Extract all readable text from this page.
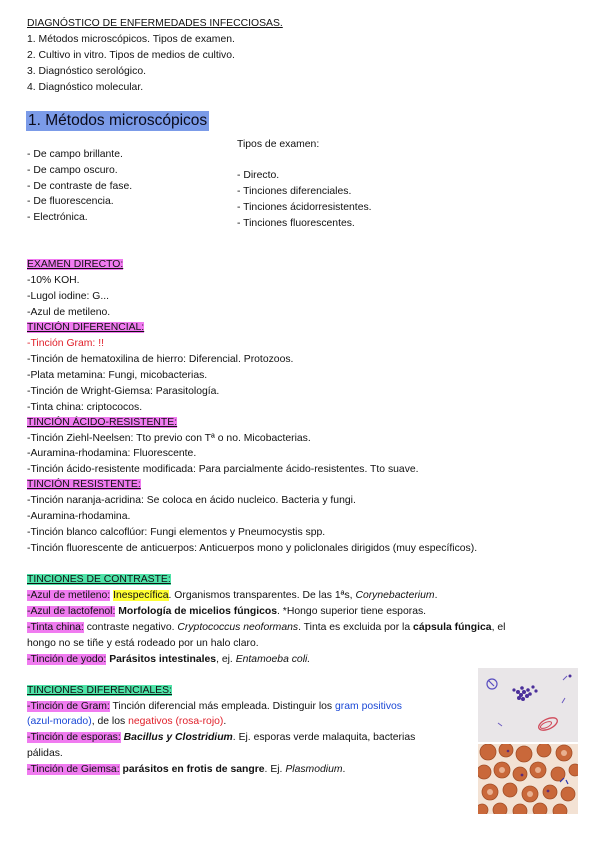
DIAGNÓSTICO DE ENFERMEDADES INFECCIOSAS.
1. Métodos microscópicos. Tipos de examen.
2. Cultivo in vitro. Tipos de medios de cultivo.
3. Diagnóstico serológico.
4. Diagnóstico molecular.
1. Métodos microscópicos
- De campo brillante.
- De campo oscuro.
- De contraste de fase.
- De fluorescencia.
- Electrónica.
Tipos de examen:
- Directo.
- Tinciones diferenciales.
- Tinciones ácidorresistentes.
- Tinciones fluorescentes.
EXAMEN DIRECTO:
-10% KOH.
-Lugol iodine: G...
-Azul de metileno.
TINCIÓN DIFERENCIAL:
-Tinción Gram: !!
-Tinción de hematoxilina de hierro: Diferencial. Protozoos.
-Plata metamina: Fungi, micobacterias.
-Tinción de Wright-Giemsa: Parasitología.
-Tinta china: criptococos.
TINCIÓN ÁCIDO-RESISTENTE:
-Tinción Ziehl-Neelsen: Tto previo con Tª o no. Micobacterias.
-Auramina-rhodamina: Fluorescente.
-Tinción ácido-resistente modificada: Para parcialmente ácido-resistentes. Tto suave.
TINCIÓN RESISTENTE:
-Tinción naranja-acridina: Se coloca en ácido nucleico. Bacteria y fungi.
-Auramina-rhodamina.
-Tinción blanco calcoflúor: Fungi elementos y Pneumocystis spp.
-Tinción fluorescente de anticuerpos: Anticuerpos mono y policlonales dirigidos (muy específicos).
TINCIONES DE CONTRASTE:
-Azul de metileno: Inespecífica. Organismos transparentes. De las 1ªs, Corynebacterium.
-Azul de lactofenol: Morfología de micelios fúngicos. *Hongo superior tiene esporas.
-Tinta china: contraste negativo. Cryptococcus neoformans. Tinta es excluida por la cápsula fúngica, el
hongo no se tiñe y está rodeado por un halo claro.
-Tinción de yodo: Parásitos intestinales, ej. Entamoeba coli.
TINCIONES DIFERENCIALES:
-Tinción de Gram: Tinción diferencial más empleada. Distinguir los gram positivos
(azul-morado), de los negativos (rosa-rojo).
-Tinción de esporas: Bacillus y Clostridium. Ej. esporas verde malaquita, bacterias
pálidas.
-Tinción de Giemsa: parásitos en frotis de sangre. Ej. Plasmodium.
